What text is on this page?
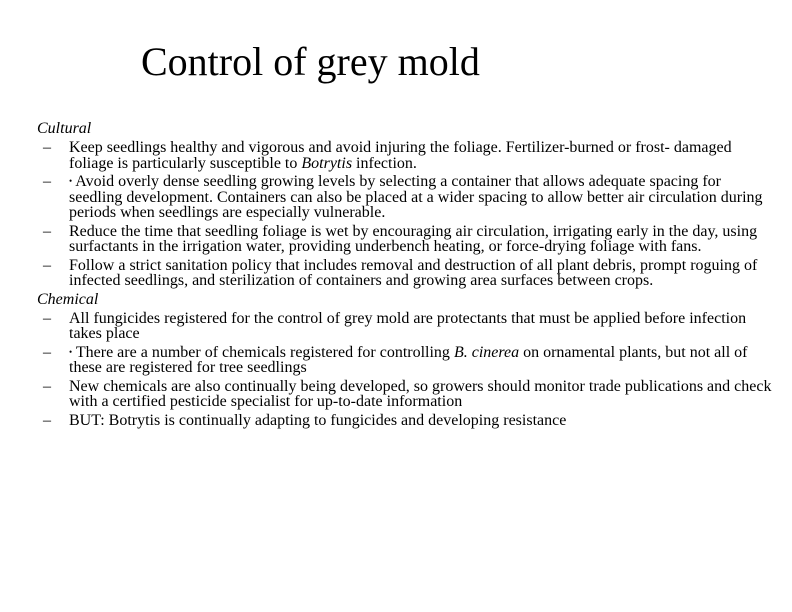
Control of grey mold

Cultural

– Keep seedlings healthy and vigorous and avoid injuring the foliage. Fertilizer-burned or frost- damaged foliage is particularly susceptible to Botrytis infection.
– • Avoid overly dense seedling growing levels by selecting a container that allows adequate spacing for seedling development. Containers can also be placed at a wider spacing to allow better air circulation during periods when seedlings are especially vulnerable.
– Reduce the time that seedling foliage is wet by encouraging air circulation, irrigating early in the day, using surfactants in the irrigation water, providing underbench heating, or force-drying foliage with fans.
– Follow a strict sanitation policy that includes removal and destruction of all plant debris, prompt roguing of infected seedlings, and sterilization of containers and growing area surfaces between crops.

Chemical

– All fungicides registered for the control of grey mold are protectants that must be applied before infection takes place
– • There are a number of chemicals registered for controlling B. cinerea on ornamental plants, but not all of these are registered for tree seedlings
– New chemicals are also continually being developed, so growers should monitor trade publications and check with a certified pesticide specialist for up-to-date information
– BUT: Botrytis is continually adapting to fungicides and developing resistance
